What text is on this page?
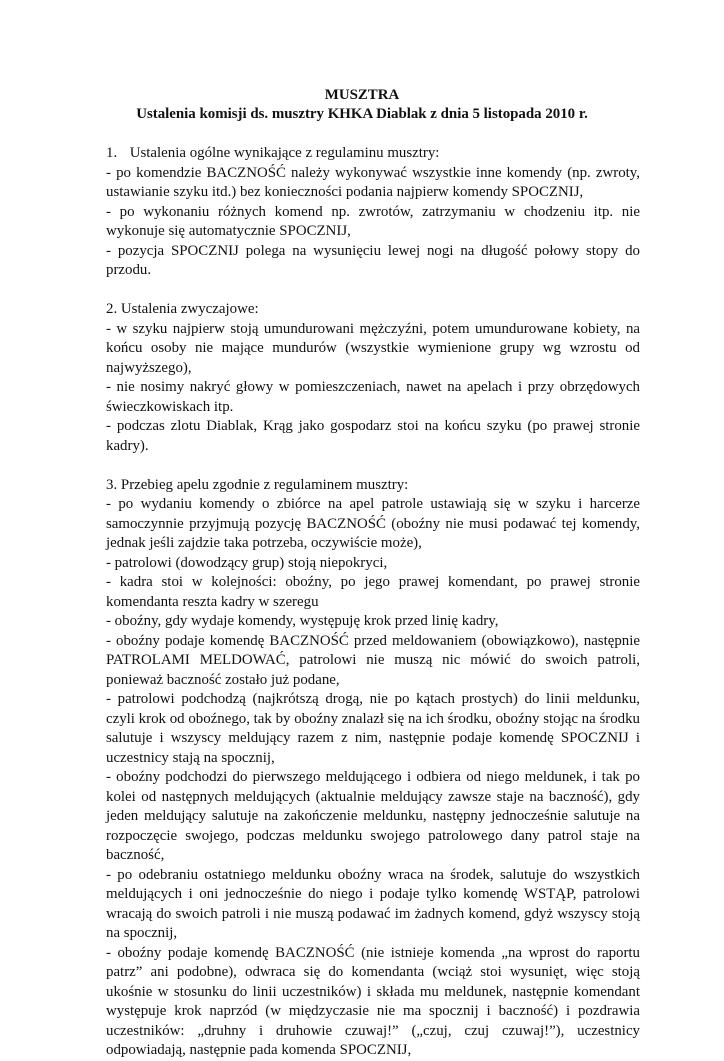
MUSZTRA
Ustalenia komisji ds. musztry KHKA Diablak z dnia 5 listopada 2010 r.

1. Ustalenia ogólne wynikające z regulaminu musztry:

- po komendzie BACZNOŚĆ należy wykonywać wszystkie inne komendy (np. zwroty, ustawianie szyku itd.) bez konieczności podania najpierw komendy SPOCZNIJ,

- po wykonaniu różnych komend np. zwrotów, zatrzymaniu w chodzeniu itp. nie wykonuje się automatycznie SPOCZNIJ,

- pozycja SPOCZNIJ polega na wysunięciu lewej nogi na długość połowy stopy do przodu.

2. Ustalenia zwyczajowe:

- w szyku najpierw stoją umundurowani mężczyźni, potem umundurowane kobiety, na końcu osoby nie mające mundurów (wszystkie wymienione grupy wg wzrostu od najwyższego),

- nie nosimy nakryć głowy w pomieszczeniach, nawet na apelach i przy obrzędowych świeczkowiskach itp.

- podczas zlotu Diablak, Krąg jako gospodarz stoi na końcu szyku (po prawej stronie kadry).

3. Przebieg apelu zgodnie z regulaminem musztry:

- po wydaniu komendy o zbiórce na apel patrole ustawiają się w szyku i harcerze samoczynnie przyjmują pozycję BACZNOŚĆ (oboźny nie musi podawać tej komendy, jednak jeśli zajdzie taka potrzeba, oczywiście może),

- patrolowi (dowodzący grup) stoją niepokryci,

- kadra stoi w kolejności: oboźny, po jego prawej komendant, po prawej stronie komendanta reszta kadry w szeregu

- oboźny, gdy wydaje komendy, występuję krok przed linię kadry,

- oboźny podaje komendę BACZNOŚĆ przed meldowaniem (obowiązkowo), następnie PATROLAMI MELDOWAĆ, patrolowi nie muszą nic mówić do swoich patroli, ponieważ baczność zostało już podane,

- patrolowi podchodzą (najkrótszą drogą, nie po kątach prostych) do linii meldunku, czyli krok od oboźnego, tak by oboźny znalazł się na ich środku, oboźny stojąc na środku salutuje i wszyscy meldujący razem z nim, następnie podaje komendę SPOCZNIJ i uczestnicy stają na spocznij,

- oboźny podchodzi do pierwszego meldującego i odbiera od niego meldunek, i tak po kolei od następnych meldujących (aktualnie meldujący zawsze staje na baczność), gdy jeden meldujący salutuje na zakończenie meldunku, następny jednocześnie salutuje na rozpoczęcie swojego, podczas meldunku swojego patrolowego dany patrol staje na baczność,

- po odebraniu ostatniego meldunku oboźny wraca na środek, salutuje do wszystkich meldujących i oni jednocześnie do niego i podaje tylko komendę WSTĄP, patrolowi wracają do swoich patroli i nie muszą podawać im żadnych komend, gdyż wszyscy stoją na spocznij,

- oboźny podaje komendę BACZNOŚĆ (nie istnieje komenda „na wprost do raportu patrz” ani podobne), odwraca się do komendanta (wciąż stoi wysunięt, więc stoją ukośnie w stosunku do linii uczestników) i składa mu meldunek, następnie komendant występuje krok naprzód (w międzyczasie nie ma spocznij i baczność) i pozdrawia uczestników: „druhny i druhowie czuwaj!” („czuj, czuj czuwaj!”), uczestnicy odpowiadają, następnie pada komenda SPOCZNIJ,
